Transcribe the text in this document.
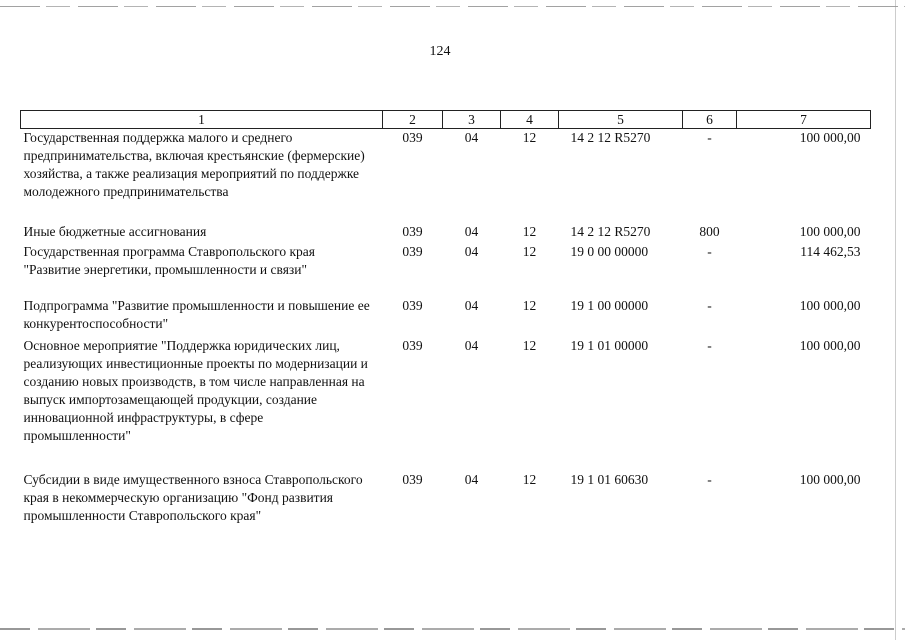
124
1	2	3	4	5	6	7
Государственная поддержка малого и среднего предпринимательства, включая крестьянские (фермерские) хозяйства, а также реализация мероприятий по поддержке молодежного предпринимательства	039	04	12	14 2 12 R5270	-	100 000,00
Иные бюджетные ассигнования	039	04	12	14 2 12 R5270	800	100 000,00
Государственная программа Ставропольского края "Развитие энергетики, промышленности и связи"	039	04	12	19 0 00 00000	-	114 462,53
Подпрограмма "Развитие промышленности и повышение ее конкурентоспособности"	039	04	12	19 1 00 00000	-	100 000,00
Основное мероприятие "Поддержка юридических лиц, реализующих инвестиционные проекты по модернизации и созданию новых производств, в том числе направленная на выпуск импортозамещающей продукции, создание инновационной инфраструктуры, в сфере промышленности"	039	04	12	19 1 01 00000	-	100 000,00
Субсидии в виде имущественного взноса Ставропольского края в некоммерческую организацию "Фонд развития промышленности Ставропольского края"	039	04	12	19 1 01 60630	-	100 000,00
